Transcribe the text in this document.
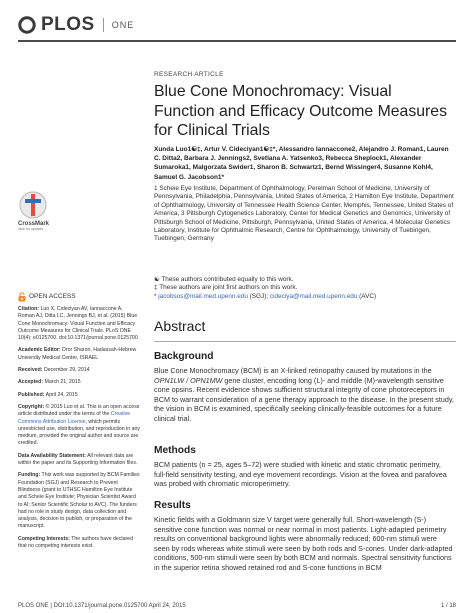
PLOS ONE
CrossMark
click for updates
OPEN ACCESS

Citation: Luo X, Cideciyan AV, Iannaccone A, Roman AJ, Ditta LC, Jennings BJ, et al. (2015) Blue Cone Monochromacy: Visual Function and Efficacy Outcome Measures for Clinical Trials. PLoS ONE 10(4): e0125700. doi:10.1371/journal.pone.0125700

Academic Editor: Dror Sharon, Hadassah-Hebrew University Medical Center, ISRAEL

Received: December 29, 2014

Accepted: March 21, 2015

Published: April 24, 2015

Copyright: © 2015 Luo et al. This is an open access article distributed under the terms of the Creative Commons Attribution License, which permits unrestricted use, distribution, and reproduction in any medium, provided the original author and source are credited.

Data Availability Statement: All relevant data are within the paper and its Supporting Information files.

Funding: This work was supported by BCM Families Foundation (SGJ) and Research to Prevent Blindness (grant to UTHSC Hamilton Eye Institute and Scheie Eye Institute; Physician Scientist Award to AI; Senior Scientific Scholar to AVC). The funders had no role in study design, data collection and analysis, decision to publish, or preparation of the manuscript.

Competing Interests: The authors have declared that no competing interests exist.

RESEARCH ARTICLE
Blue Cone Monochromacy: Visual Function and Efficacy Outcome Measures for Clinical Trials
Xunda Luo1☯‡, Artur V. Cideciyan1☯‡*, Alessandro Iannaccone2, Alejandro J. Roman1, Lauren C. Ditta2, Barbara J. Jennings2, Svetlana A. Yatsenko3, Rebecca Sheplock1, Alexander Sumaroka1, Malgorzata Swider1, Sharon B. Schwartz1, Bernd Wissinger4, Susanne Kohl4, Samuel G. Jacobson1*
1 Scheie Eye Institute, Department of Ophthalmology, Perelman School of Medicine, University of Pennsylvania, Philadelphia, Pennsylvania, United States of America, 2 Hamilton Eye Institute, Department of Ophthalmology, University of Tennessee Health Science Center, Memphis, Tennessee, United States of America, 3 Pittsburgh Cytogenetics Laboratory, Center for Medical Genetics and Genomics, University of Pittsburgh School of Medicine, Pittsburgh, Pennsylvania, United States of America, 4 Molecular Genetics Laboratory, Institute for Ophthalmic Research, Centre for Ophthalmology, University of Tuebingen, Tuebingen, Germany
☯ These authors contributed equally to this work.
‡ These authors are joint first authors on this work.
* jacobsos@mail.med.upenn.edu (SGJ); cideciya@mail.med.upenn.edu (AVC)
Abstract
Background
Blue Cone Monochromacy (BCM) is an X-linked retinopathy caused by mutations in the OPN1LW / OPN1MW gene cluster, encoding long (L)- and middle (M)-wavelength sensitive cone opsins. Recent evidence shows sufficient structural integrity of cone photoreceptors in BCM to warrant consideration of a gene therapy approach to the disease. In the present study, the vision in BCM is examined, specifically seeking clinically-feasible outcomes for a future clinical trial.
Methods
BCM patients (n = 25, ages 5–72) were studied with kinetic and static chromatic perimetry, full-field sensitivity testing, and eye movement recordings. Vision at the fovea and parafovea was probed with chromatic microperimetry.
Results
Kinetic fields with a Goldmann size V target were generally full. Short-wavelength (S-) sensitive cone function was normal or near normal in most patients. Light-adapted perimetry results on conventional background lights were abnormally reduced; 600-nm stimuli were seen by rods whereas white stimuli were seen by both rods and S-cones. Under dark-adapted conditions, 500-nm stimuli were seen by both BCM and normals. Spectral sensitivity functions in the superior retina showed retained rod and S-cone functions in BCM
PLOS ONE | DOI:10.1371/journal.pone.0125700 April 24, 2015	1 / 18
